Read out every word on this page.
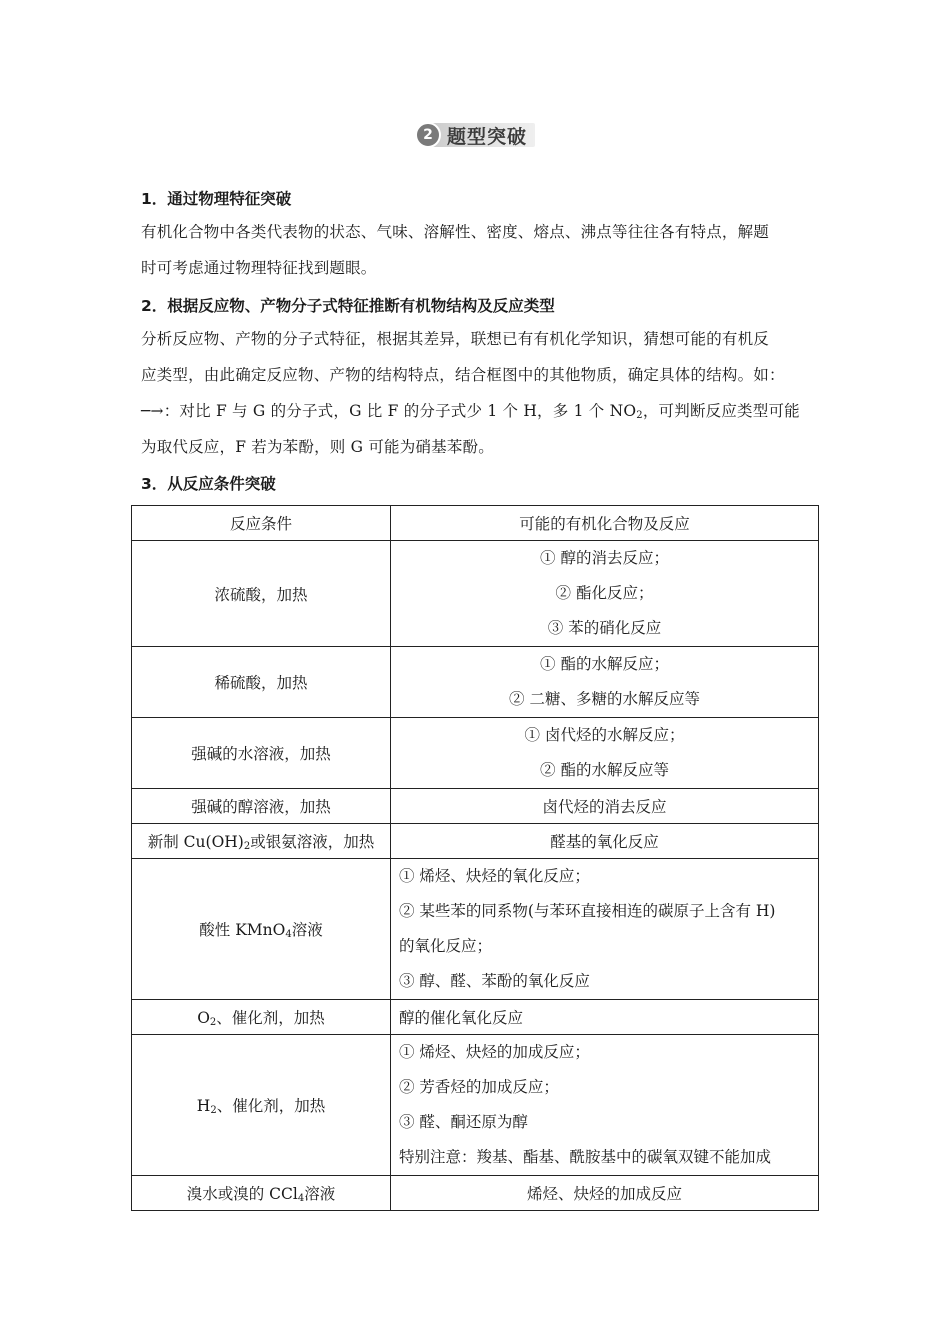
2 题型突破
1．通过物理特征突破
有机化合物中各类代表物的状态、气味、溶解性、密度、熔点、沸点等往往各有特点，解题
时可考虑通过物理特征找到题眼。
2．根据反应物、产物分子式特征推断有机物结构及反应类型
分析反应物、产物的分子式特征，根据其差异，联想已有有机化学知识，猜想可能的有机反
应类型，由此确定反应物、产物的结构特点，结合框图中的其他物质，确定具体的结构。如：
─→：对比 F 与 G 的分子式，G 比 F 的分子式少 1 个 H，多 1 个 $NO_2$，可判断反应类型可能
为取代反应，F 若为苯酚，则 G 可能为硝基苯酚。
3．从反应条件突破
反应条件	可能的有机化合物及反应
浓硫酸，加热	① 醇的消去反应；
② 酯化反应；
③ 苯的硝化反应

稀硫酸，加热	① 酯的水解反应；
② 二糖、多糖的水解反应等

强碱的水溶液，加热	① 卤代烃的水解反应；
② 酯的水解反应等

强碱的醇溶液，加热	卤代烃的消去反应
新制 $Cu(OH)_2$或银氨溶液，加热	醛基的氧化反应
酸性 KMnO$_4$溶液	① 烯烃、炔烃的氧化反应；
② 某些苯的同系物(与苯环直接相连的碳原子上含有 H)
的氧化反应；
③ 醇、醛、苯酚的氧化反应

$O_2$、催化剂，加热	醇的催化氧化反应
$H_2$、催化剂，加热	① 烯烃、炔烃的加成反应；
② 芳香烃的加成反应；
③ 醛、酮还原为醇
特别注意：羧基、酯基、酰胺基中的碳氧双键不能加成

溴水或溴的 CCl$_4$溶液	烯烃、炔烃的加成反应
